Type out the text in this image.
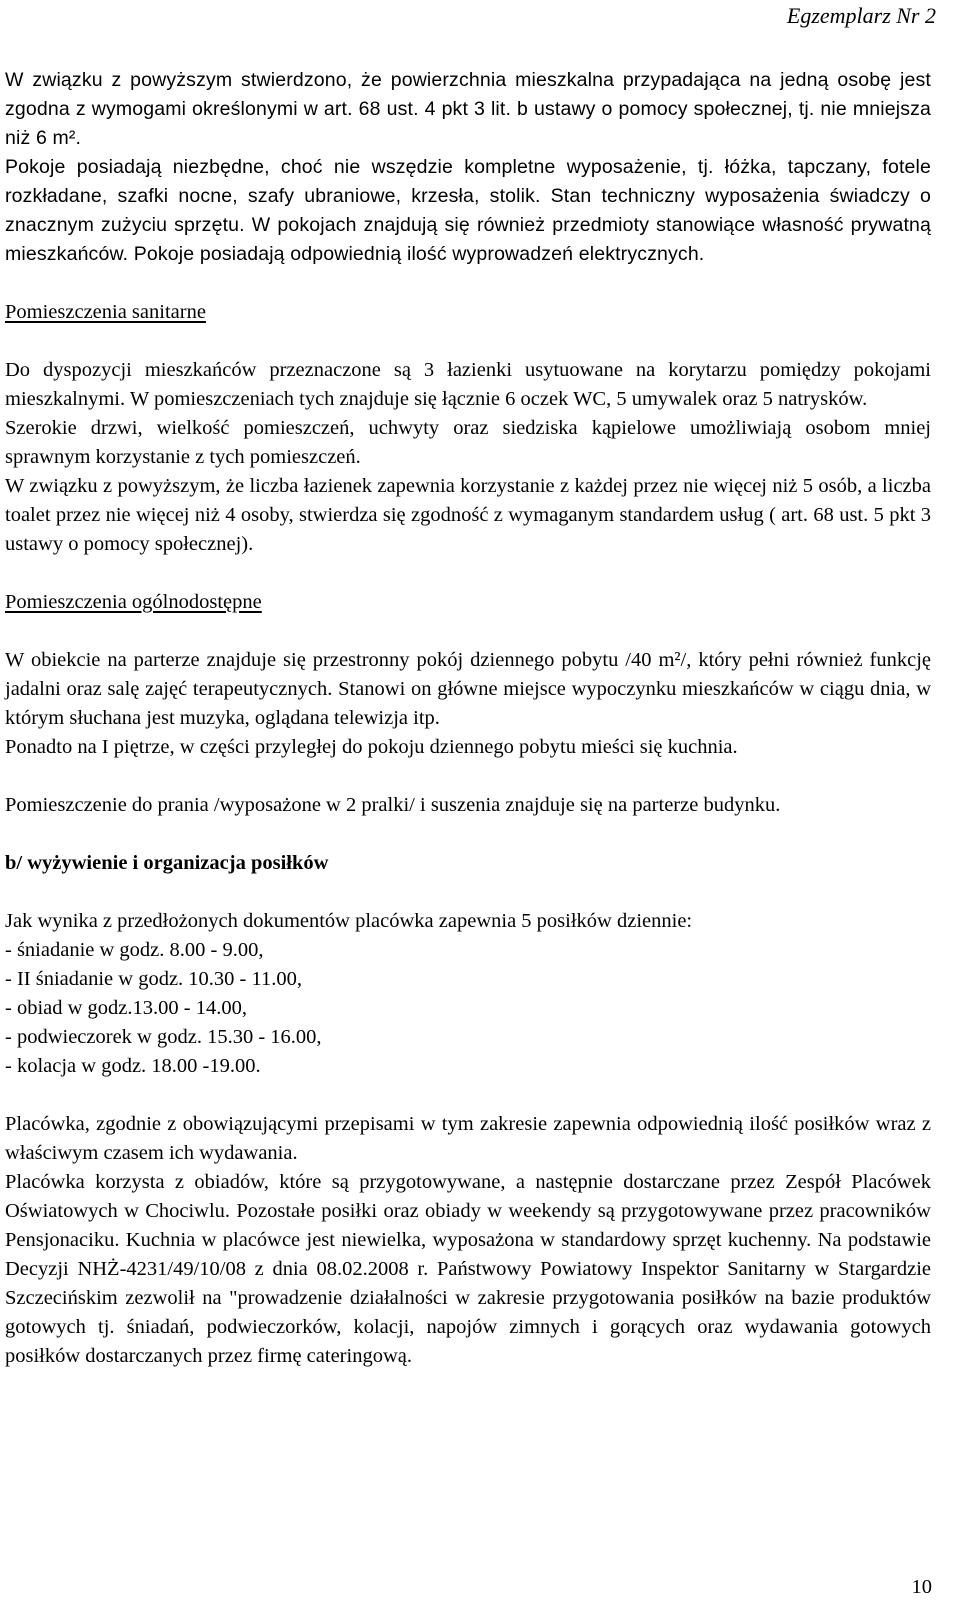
Egzemplarz Nr 2

W związku z powyższym stwierdzono, że powierzchnia mieszkalna przypadająca na jedną osobę jest zgodna z wymogami określonymi w art. 68 ust. 4 pkt 3 lit. b ustawy o pomocy społecznej, tj. nie mniejsza niż 6 m².

Pokoje posiadają niezbędne, choć nie wszędzie kompletne wyposażenie, tj. łóżka, tapczany, fotele rozkładane, szafki nocne, szafy ubraniowe, krzesła, stolik. Stan techniczny wyposażenia świadczy o znacznym zużyciu sprzętu. W pokojach znajdują się również przedmioty stanowiące własność prywatną mieszkańców. Pokoje posiadają odpowiednią ilość wyprowadzeń elektrycznych.

Pomieszczenia sanitarne

Do dyspozycji mieszkańców przeznaczone są 3 łazienki usytuowane na korytarzu pomiędzy pokojami mieszkalnymi. W pomieszczeniach tych znajduje się łącznie 6 oczek WC, 5 umywalek oraz 5 natrysków.

Szerokie drzwi, wielkość pomieszczeń, uchwyty oraz siedziska kąpielowe umożliwiają osobom mniej sprawnym korzystanie z tych pomieszczeń.

W związku z powyższym, że liczba łazienek zapewnia korzystanie z każdej przez nie więcej niż 5 osób, a liczba toalet przez nie więcej niż 4 osoby, stwierdza się zgodność z wymaganym standardem usług ( art. 68 ust. 5 pkt 3 ustawy o pomocy społecznej).

Pomieszczenia ogólnodostępne

W obiekcie na parterze znajduje się przestronny pokój dziennego pobytu /40 m²/, który pełni również funkcję jadalni oraz salę zajęć terapeutycznych. Stanowi on główne miejsce wypoczynku mieszkańców w ciągu dnia, w którym słuchana jest muzyka, oglądana telewizja itp.

Ponadto na I piętrze, w części przyległej do pokoju dziennego pobytu mieści się kuchnia.

Pomieszczenie do prania /wyposażone w 2 pralki/ i suszenia znajduje się na parterze budynku.

b/ wyżywienie i organizacja posiłków

Jak wynika z przedłożonych dokumentów placówka zapewnia 5 posiłków dziennie:

- śniadanie w godz. 8.00 - 9.00,

- II śniadanie w godz. 10.30 - 11.00,

- obiad w godz.13.00 - 14.00,

- podwieczorek w godz. 15.30 - 16.00,

- kolacja w godz. 18.00 -19.00.

Placówka, zgodnie z obowiązującymi przepisami w tym zakresie zapewnia odpowiednią ilość posiłków wraz z właściwym czasem ich wydawania.

Placówka korzysta z obiadów, które są przygotowywane, a następnie dostarczane przez Zespół Placówek Oświatowych w Chociwlu. Pozostałe posiłki oraz obiady w weekendy są przygotowywane przez pracowników Pensjonaciku. Kuchnia w placówce jest niewielka, wyposażona w standardowy sprzęt kuchenny. Na podstawie Decyzji NHŻ-4231/49/10/08 z dnia 08.02.2008 r. Państwowy Powiatowy Inspektor Sanitarny w Stargardzie Szczecińskim zezwolił na "prowadzenie działalności w zakresie przygotowania posiłków na bazie produktów gotowych tj. śniadań, podwieczorków, kolacji, napojów zimnych i gorących oraz wydawania gotowych posiłków dostarczanych przez firmę cateringową.

10
